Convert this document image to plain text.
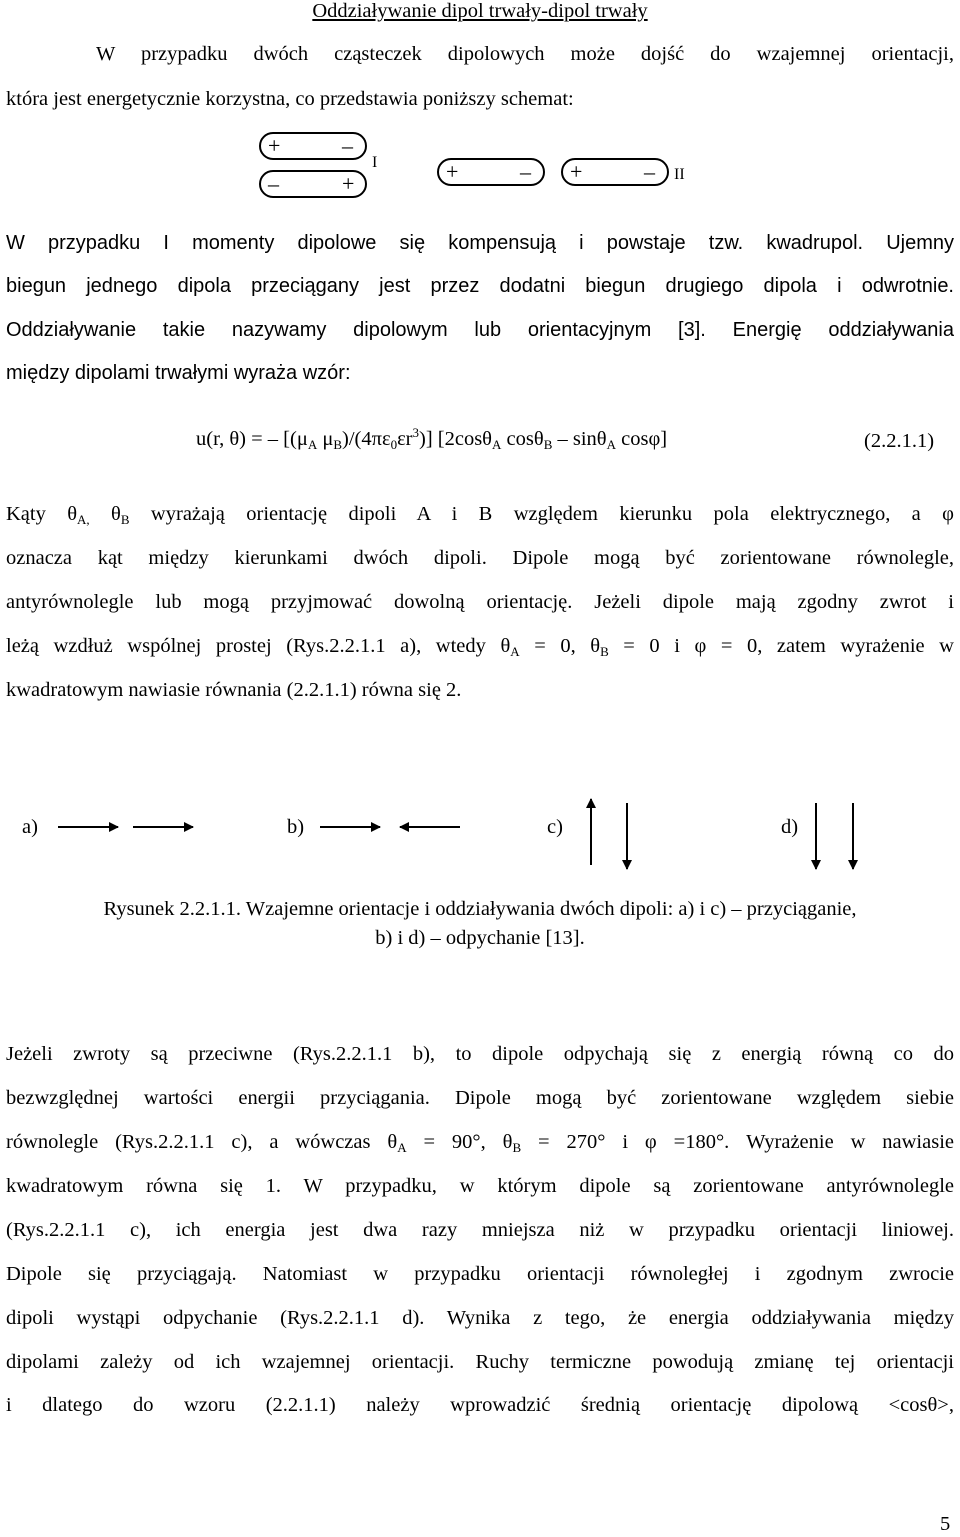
Oddziaływanie dipol trwały-dipol trwały
W przypadku dwóch cząsteczek dipolowych może dojść do wzajemnej orientacji,
która jest energetycznie korzystna, co przedstawia poniższy schemat:
+	–
–	+	+	– +	–
I
II
W przypadku I momenty dipolowe się kompensują i powstaje tzw. kwadrupol. Ujemny
biegun jednego dipola przeciągany jest przez dodatni biegun drugiego dipola i odwrotnie.
Oddziaływanie takie nazywamy dipolowym lub orientacyjnym [3]. Energię oddziaływania
między dipolami trwałymi wyraża wzór:
u(r, θ) = – [($\mu_A$ $\mu_B)/(4\pi\varepsilon_0\varepsilon r^3)$] [2cosθ$_A$ cosθ$_B$ – sinθ$_A$ cosφ]	(2.2.1.1)
Kąty $\theta_{A,}$ $\theta_B$ wyrażają orientację dipoli A i B względem kierunku pola elektrycznego, a φ
oznacza kąt między kierunkami dwóch dipoli. Dipole mogą być zorientowane równolegle,
antyrównolegle lub mogą przyjmować dowolną orientację. Jeżeli dipole mają zgodny zwrot i
leżą wzdłuż wspólnej prostej (Rys.2.2.1.1 a), wtedy $\theta_A = 0$, $\theta_B = 0$ i φ = 0, zatem wyrażenie w
kwadratowym nawiasie równania (2.2.1.1) równa się 2.
a)	b)	c)	d)
Rysunek 2.2.1.1. Wzajemne orientacje i oddziaływania dwóch dipoli: a) i c) – przyciąganie,
b) i d) – odpychanie [13].
Jeżeli zwroty są przeciwne (Rys.2.2.1.1 b), to dipole odpychają się z energią równą co do
bezwzględnej wartości energii przyciągania. Dipole mogą być zorientowane względem siebie
równolegle (Rys.2.2.1.1 c), a wówczas $\theta_A = 90^\circ$, $\theta_B = 270^\circ$ i φ =180°. Wyrażenie w nawiasie
kwadratowym równa się 1. W przypadku, w którym dipole są zorientowane antyrównolegle
(Rys.2.2.1.1 c), ich energia jest dwa razy mniejsza niż w przypadku orientacji liniowej.
Dipole się przyciągają. Natomiast w przypadku orientacji równoległej i zgodnym zwrocie
dipoli wystąpi odpychanie (Rys.2.2.1.1 d). Wynika z tego, że energia oddziaływania między
dipolami zależy od ich wzajemnej orientacji. Ruchy termiczne powodują zmianę tej orientacji
i dlatego do wzoru (2.2.1.1) należy wprowadzić średnią orientację dipolową <cosθ>,
5
